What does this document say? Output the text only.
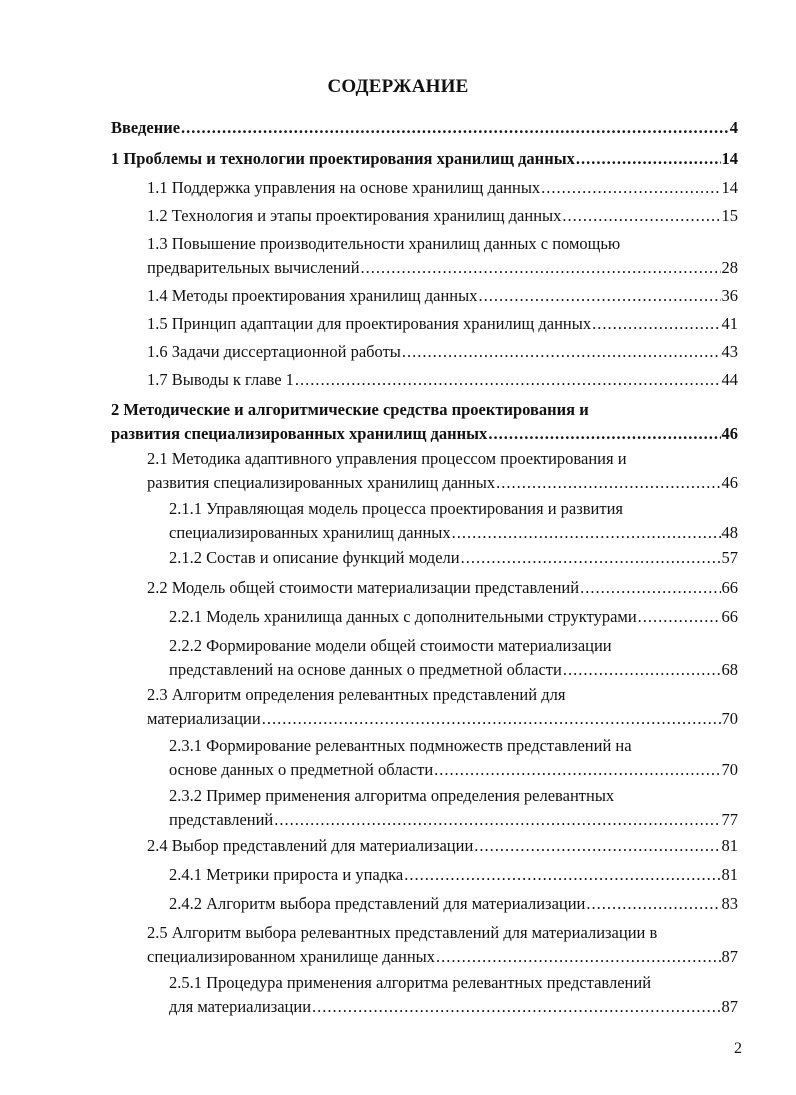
СОДЕРЖАНИЕ
Введение .....	4
1 Проблемы и технологии проектирования хранилищ данных .....	14
1.1 Поддержка управления на основе хранилищ данных .....	14
1.2 Технология и этапы проектирования хранилищ данных .....	15
1.3 Повышение производительности хранилищ данных с помощью
предварительных вычислений .....	28
1.4 Методы проектирования хранилищ данных .....	36
1.5 Принцип адаптации для проектирования хранилищ данных .....	41
1.6 Задачи диссертационной работы .....	43
1.7 Выводы к главе 1 .....	44
2 Методические и алгоритмические средства проектирования и
развития специализированных хранилищ данных .....	46
2.1 Методика адаптивного управления процессом проектирования и
развития специализированных хранилищ данных .....	46
2.1.1 Управляющая модель процесса проектирования и развития
специализированных хранилищ данных .....	48
2.1.2 Состав и описание функций модели .....	57
2.2 Модель общей стоимости материализации представлений .....	66
2.2.1 Модель хранилища данных с дополнительными структурами .....	66
2.2.2 Формирование модели общей стоимости материализации
представлений на основе данных о предметной области .....	68
2.3 Алгоритм определения релевантных представлений для
материализации .....	70
2.3.1 Формирование релевантных подмножеств представлений на
основе данных о предметной области .....	70
2.3.2 Пример применения алгоритма определения релевантных
представлений .....	77
2.4 Выбор представлений для материализации .....	81
2.4.1 Метрики прироста и упадка .....	81
2.4.2 Алгоритм выбора представлений для материализации .....	83
2.5 Алгоритм выбора релевантных представлений для материализации в
специализированном хранилище данных .....	87
2.5.1 Процедура применения алгоритма релевантных представлений
для материализации .....	87
2
